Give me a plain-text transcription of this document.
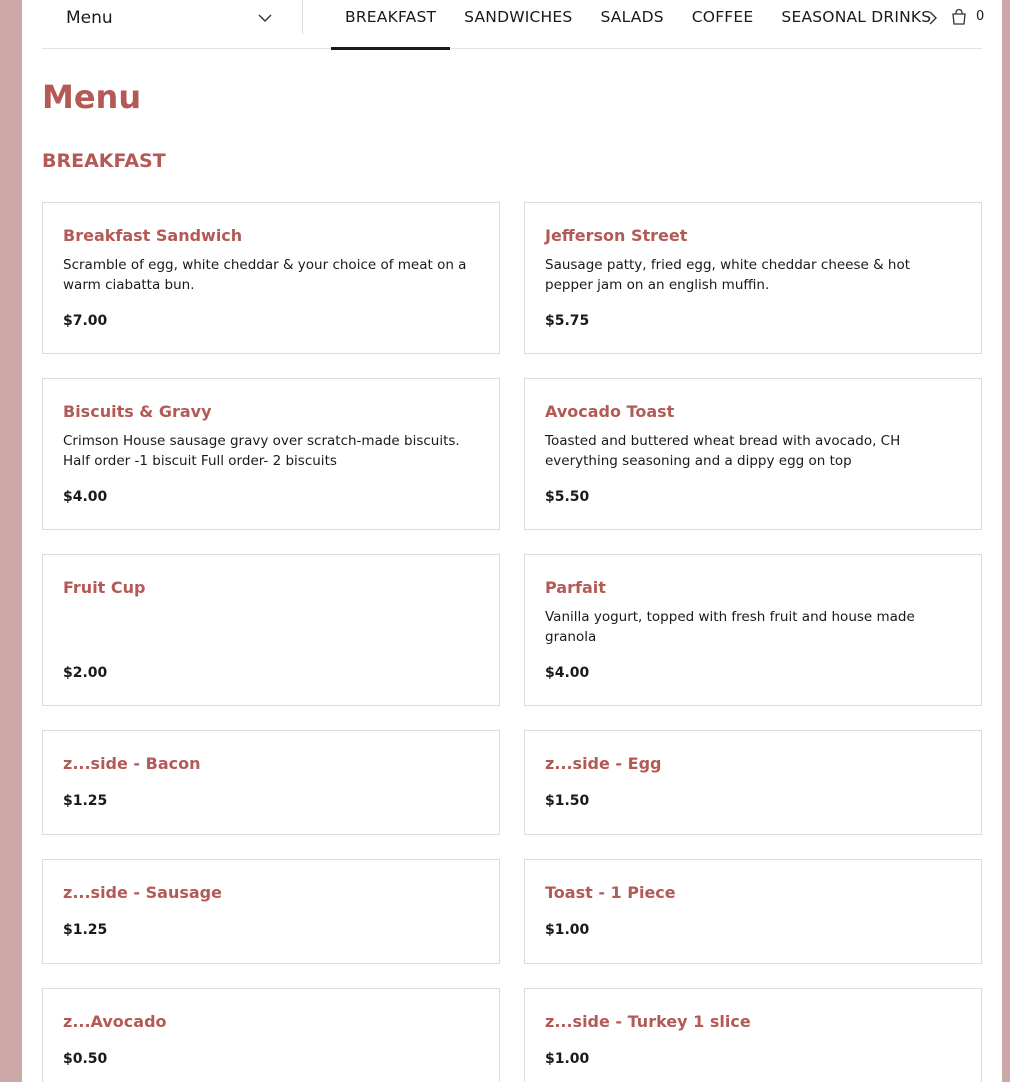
Menu	BREAKFAST	SANDWICHES	SALADS	COFFEE	SEASONAL DRINKS	0
Menu
BREAKFAST
Breakfast Sandwich
Scramble of egg, white cheddar & your choice of meat on a warm ciabatta bun.
$7.00
Jefferson Street
Sausage patty, fried egg, white cheddar cheese & hot pepper jam on an english muffin.
$5.75
Biscuits & Gravy
Crimson House sausage gravy over scratch-made biscuits. Half order -1 biscuit Full order- 2 biscuits
$4.00
Avocado Toast
Toasted and buttered wheat bread with avocado, CH everything seasoning and a dippy egg on top
$5.50
Fruit Cup
$2.00
Parfait
Vanilla yogurt, topped with fresh fruit and house made granola
$4.00
z...side - Bacon
$1.25
z...side - Egg
$1.50
z...side - Sausage
$1.25
Toast - 1 Piece
$1.00
z...Avocado
$0.50
z...side - Turkey 1 slice
$1.00
